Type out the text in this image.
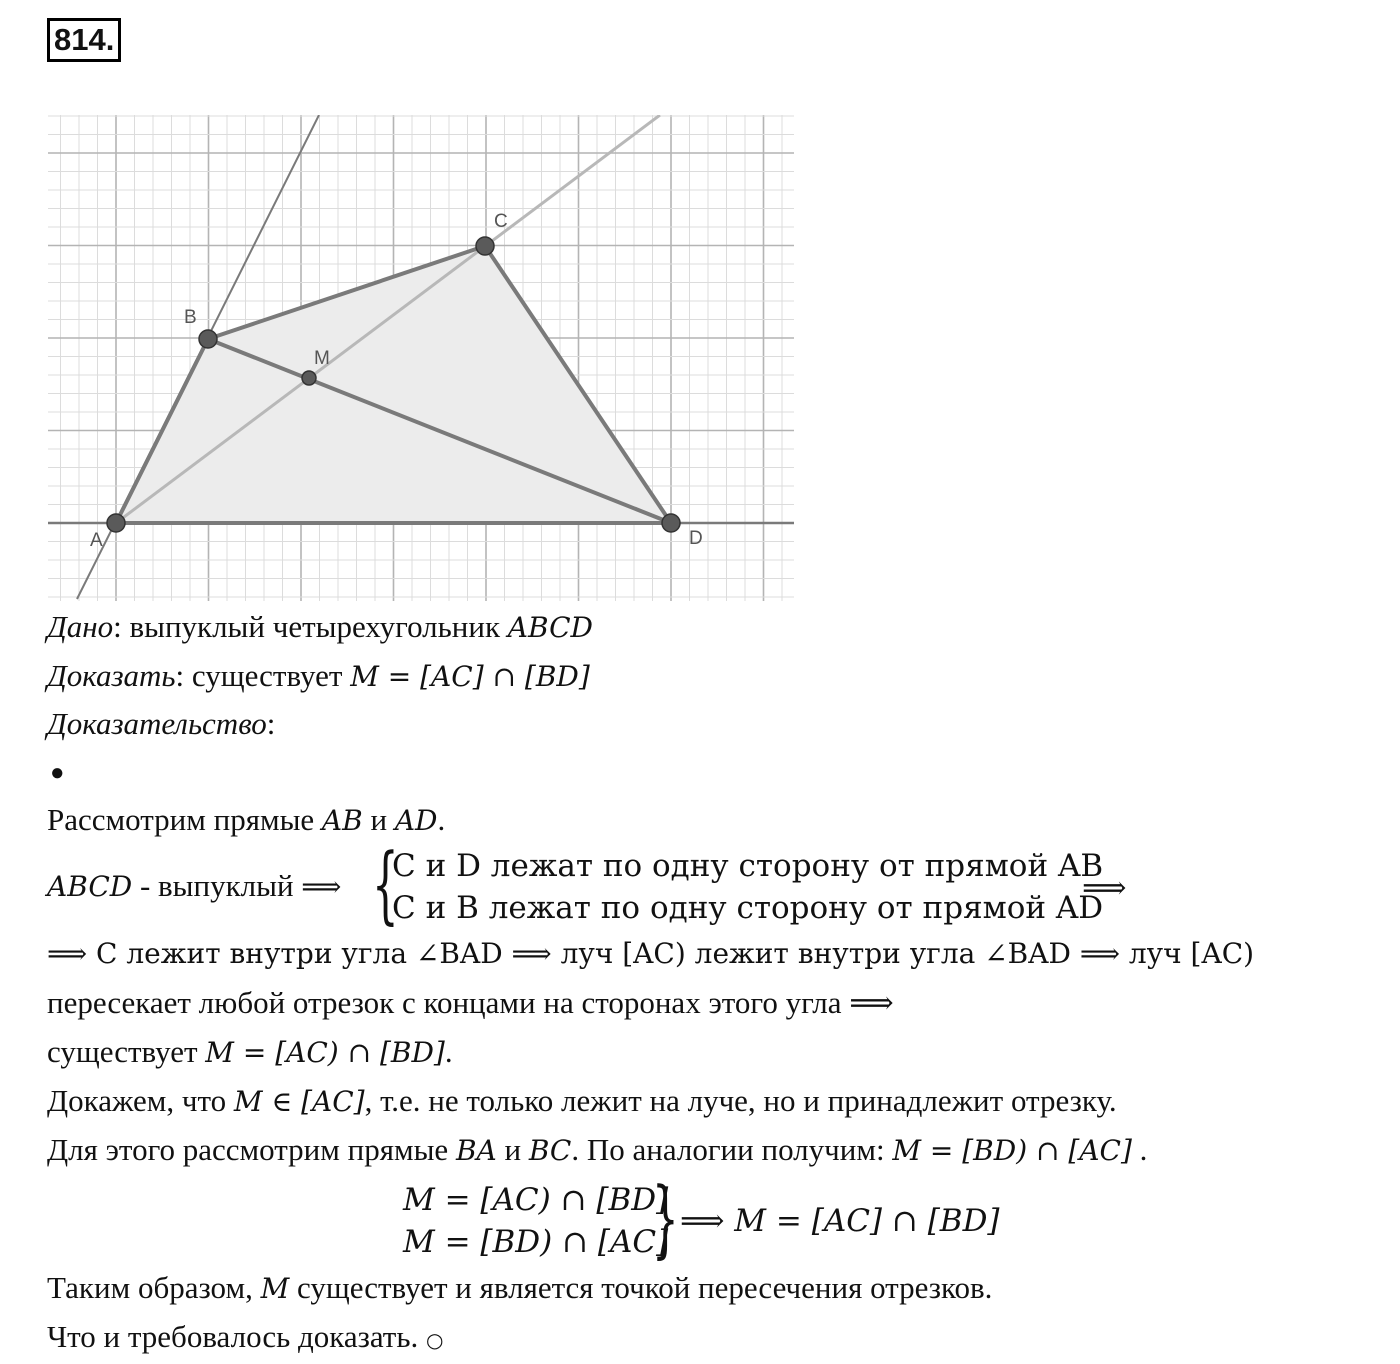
814.
A
B
C
D
M
Дано: выпуклый четырехугольник ABCD
Доказать: существует M = [AC] ∩ [BD]
Доказательство:
●
Рассмотрим прямые AB и AD.
ABCD - выпуклый ⟹ {
C и D лежат по одну сторону от прямой AB
C и B лежат по одну сторону от прямой AD
⟹
⟹ C лежит внутри угла ∠BAD ⟹ луч [AC) лежит внутри угла ∠BAD ⟹ луч [AC)
пересекает любой отрезок с концами на сторонах этого угла ⟹
существует M = [AC) ∩ [BD].
Докажем, что M ∈ [AC], т.е. не только лежит на луче, но и принадлежит отрезку.
Для этого рассмотрим прямые BA и BC. По аналогии получим: M = [BD) ∩ [AC] .
M = [AC) ∩ [BD]
M = [BD) ∩ [AC]
} ⟹ M = [AC] ∩ [BD]
Таким образом, M существует и является точкой пересечения отрезков.
Что и требовалось доказать. ○
